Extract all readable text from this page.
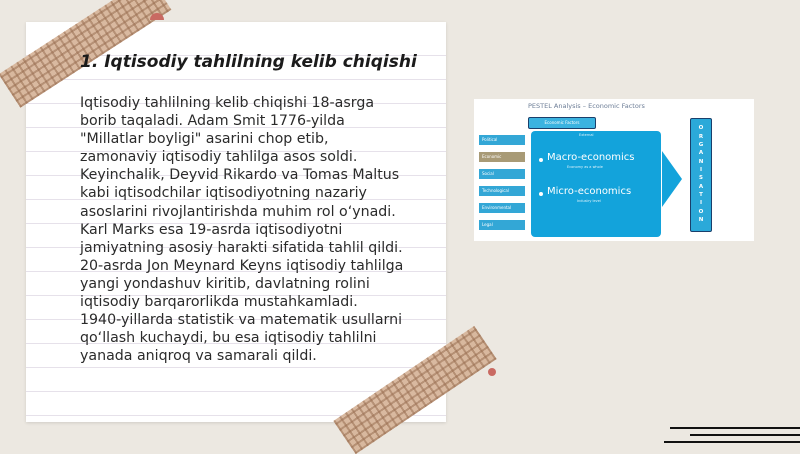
1. Iqtisodiy tahlilning kelib chiqishi
Iqtisodiy tahlilning kelib chiqishi 18-asrga
borib taqaladi. Adam Smit 1776-yilda
"Millatlar boyligi" asarini chop etib,
zamonaviy iqtisodiy tahlilga asos soldi.
Keyinchalik, Deyvid Rikardo va Tomas Maltus
kabi iqtisodchilar iqtisodiyotning nazariy
asoslarini rivojlantirishda muhim rol o‘ynadi.
Karl Marks esa 19-asrda iqtisodiyotni
jamiyatning asosiy harakti sifatida tahlil qildi.
20-asrda Jon Meynard Keyns iqtisodiy tahlilga
yangi yondashuv kiritib, davlatning rolini
iqtisodiy barqarorlikda mustahkamladi.
1940-yillarda statistik va matematik usullarni
qo‘llash kuchaydi, bu esa iqtisodiy tahlilni
yanada aniqroq va samarali qildi.
PESTEL Analysis – Economic Factors
Economic Factors
Political
Economic
Social
Technological
Environmental
Legal
External
Macro-economics
Economy as a whole
Micro-economics
Industry level
O
R
G
A
N
I
S
A
T
I
O
N
